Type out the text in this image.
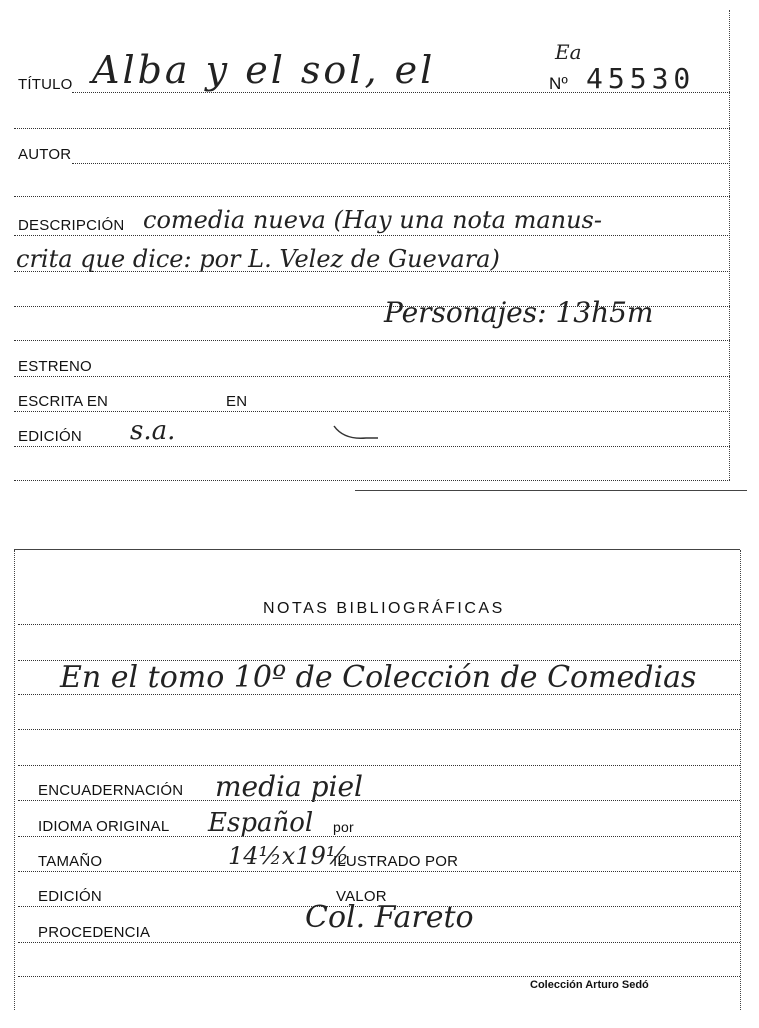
TÍTULO Alba y el sol, el	Ea
Nº 45530
AUTOR
DESCRIPCIÓN comedia nueva (Hay una nota manus-
crita que dice: por L. Velez de Guevara)
Personajes: 13h5m
ESTRENO
ESCRITA EN	EN
EDICIÓN s.a.
NOTAS BIBLIOGRÁFICAS
En el tomo 10º de Colección de Comedias
ENCUADERNACIÓN media piel
IDIOMA ORIGINAL Español por
TAMAÑO	14½x19½
ILUSTRADO POR
EDICIÓN	VALOR
PROCEDENCIA	Col. Fareto
Colección Arturo Sedó
